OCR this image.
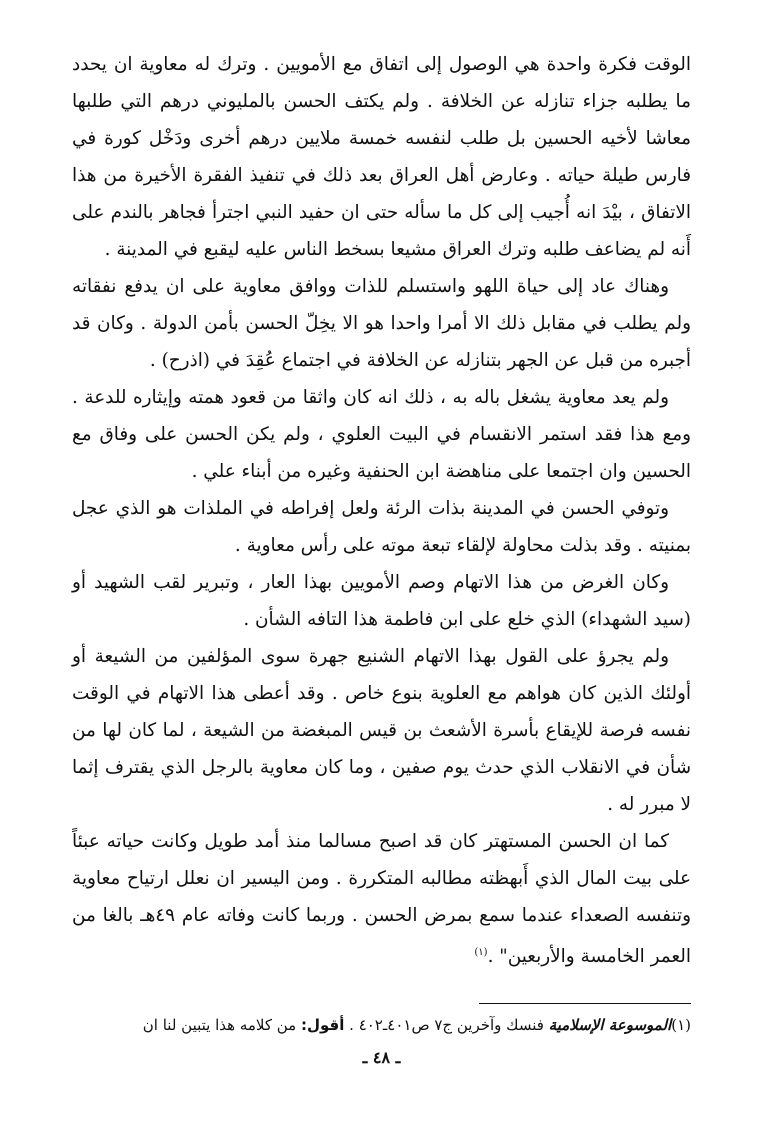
الوقت فكرة واحدة هي الوصول إلى اتفاق مع الأمويين . وترك له معاوية ان يحدد ما يطلبه جزاء تنازله عن الخلافة . ولم يكتف الحسن بالمليوني درهم التي طلبها معاشا لأخيه الحسين بل طلب لنفسه خمسة ملايين درهم أخرى ودَخْل كورة في فارس طيلة حياته . وعارض أهل العراق بعد ذلك في تنفيذ الفقرة الأخيرة من هذا الاتفاق ، بيْدَ انه أُجيب إلى كل ما سأله حتى ان حفيد النبي اجترأ فجاهر بالندم على أَنه لم يضاعف طلبه وترك العراق مشيعا بسخط الناس عليه ليقبع في المدينة .

وهناك عاد إلى حياة اللهو واستسلم للذات ووافق معاوية على ان يدفع نفقاته ولم يطلب في مقابل ذلك الا أمرا واحدا هو الا يخِلّ الحسن بأمن الدولة . وكان قد أجبره من قبل عن الجهر بتنازله عن الخلافة في اجتماع عُقِدَ في (اذرح) .

ولم يعد معاوية يشغل باله به ، ذلك انه كان واثقا من قعود همته وإيثاره للدعة . ومع هذا فقد استمر الانقسام في البيت العلوي ، ولم يكن الحسن على وفاق مع الحسين وان اجتمعا على مناهضة ابن الحنفية وغيره من أبناء علي .

وتوفي الحسن في المدينة بذات الرئة ولعل إفراطه في الملذات هو الذي عجل بمنيته . وقد بذلت محاولة لإلقاء تبعة موته على رأس معاوية .

وكان الغرض من هذا الاتهام وصم الأمويين بهذا العار ، وتبرير لقب الشهيد أو (سيد الشهداء) الذي خلع على ابن فاطمة هذا التافه الشأن .

ولم يجرؤ على القول بهذا الاتهام الشنيع جهرة سوى المؤلفين من الشيعة أو أولئك الذين كان هواهم مع العلوية بنوع خاص . وقد أعطى هذا الاتهام في الوقت نفسه فرصة للإيقاع بأسرة الأشعث بن قيس المبغضة من الشيعة ، لما كان لها من شأن في الانقلاب الذي حدث يوم صفين ، وما كان معاوية بالرجل الذي يقترف إثما لا مبرر له .

كما ان الحسن المستهتر كان قد اصبح مسالما منذ أمد طويل وكانت حياته عبئاً على بيت المال الذي أَبهظته مطالبه المتكررة . ومن اليسير ان نعلل ارتياح معاوية وتنفسه الصعداء عندما سمع بمرض الحسن . وربما كانت وفاته عام ٤٩هـ بالغا من العمر الخامسة والأربعين" .$^{(١)}$

(١)الموسوعة الإسلامية فنسك وآخرين ج٧ ص٤٠١ـ٤٠٢ . أقول: من كلامه هذا يتبين لنا ان
ـ ٤٨ ـ
